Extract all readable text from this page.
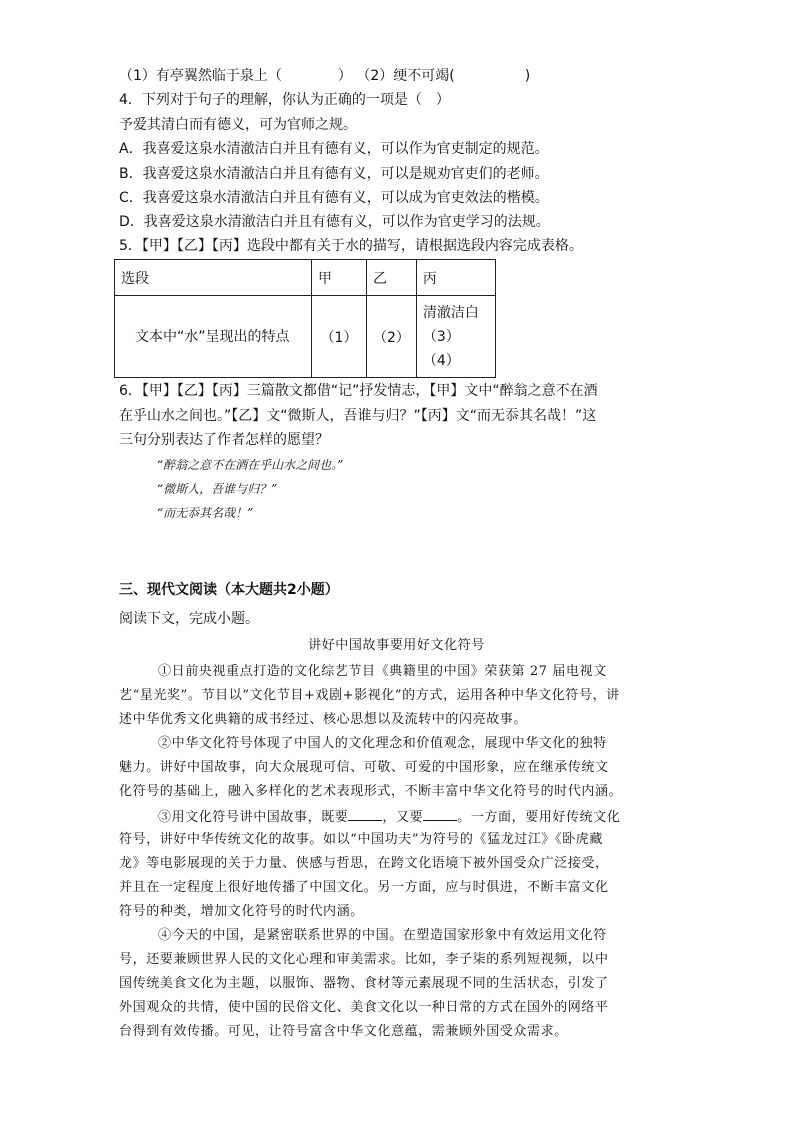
（1）有亭翼然临于泉上（　　　　） （2）绠不可竭(　　　　　)
4．下列对于句子的理解，你认为正确的一项是（　）
予爱其清白而有德义，可为官师之规。
A．我喜爱这泉水清澈洁白并且有德有义，可以作为官吏制定的规范。
B．我喜爱这泉水清澈洁白并且有德有义，可以是规劝官吏们的老师。
C．我喜爱这泉水清澈洁白并且有德有义，可以成为官吏效法的楷模。
D．我喜爱这泉水清澈洁白并且有德有义，可以作为官吏学习的法规。
5．【甲】【乙】【丙】选段中都有关于水的描写，请根据选段内容完成表格。
选段	甲	乙	丙
文本中“水”呈现出的特点	（1）	（2）	清澈洁白
（3）
（4）
6．【甲】【乙】【丙】三篇散文都借“记”抒发情志，【甲】文中“醉翁之意不在酒
在乎山水之间也。”【乙】文“微斯人，吾谁与归？”【丙】文“而无忝其名哉！”这
三句分别表达了作者怎样的愿望？
“醉翁之意不在酒在乎山水之间也。”
“微斯人，吾谁与归？”
“而无忝其名哉！”
三、现代文阅读（本大题共2小题）
阅读下文，完成小题。
讲好中国故事要用好文化符号
①日前央视重点打造的文化综艺节目《典籍里的中国》荣获第 27 届电视文
艺“星光奖”。节目以“文化节目+戏剧+影视化”的方式，运用各种中华文化符号，讲
述中华优秀文化典籍的成书经过、核心思想以及流转中的闪亮故事。
②中华文化符号体现了中国人的文化理念和价值观念，展现中华文化的独特
魅力。讲好中国故事，向大众展现可信、可敬、可爱的中国形象，应在继承传统文
化符号的基础上，融入多样化的艺术表现形式，不断丰富中华文化符号的时代内涵。
③用文化符号讲中国故事，既要	，又要	。一方面，要用好传统文化
符号，讲好中华传统文化的故事。如以“中国功夫”为符号的《猛龙过江》《卧虎藏
龙》等电影展现的关于力量、侠感与哲思，在跨文化语境下被外国受众广泛接受，
并且在一定程度上很好地传播了中国文化。另一方面，应与时俱进，不断丰富文化
符号的种类，增加文化符号的时代内涵。
④今天的中国，是紧密联系世界的中国。在塑造国家形象中有效运用文化符
号，还要兼顾世界人民的文化心理和审美需求。比如，李子柒的系列短视频，以中
国传统美食文化为主题，以服饰、器物、食材等元素展现不同的生活状态，引发了
外国观众的共情，使中国的民俗文化、美食文化以一种日常的方式在国外的网络平
台得到有效传播。可见，让符号富含中华文化意蕴，需兼顾外国受众需求。
